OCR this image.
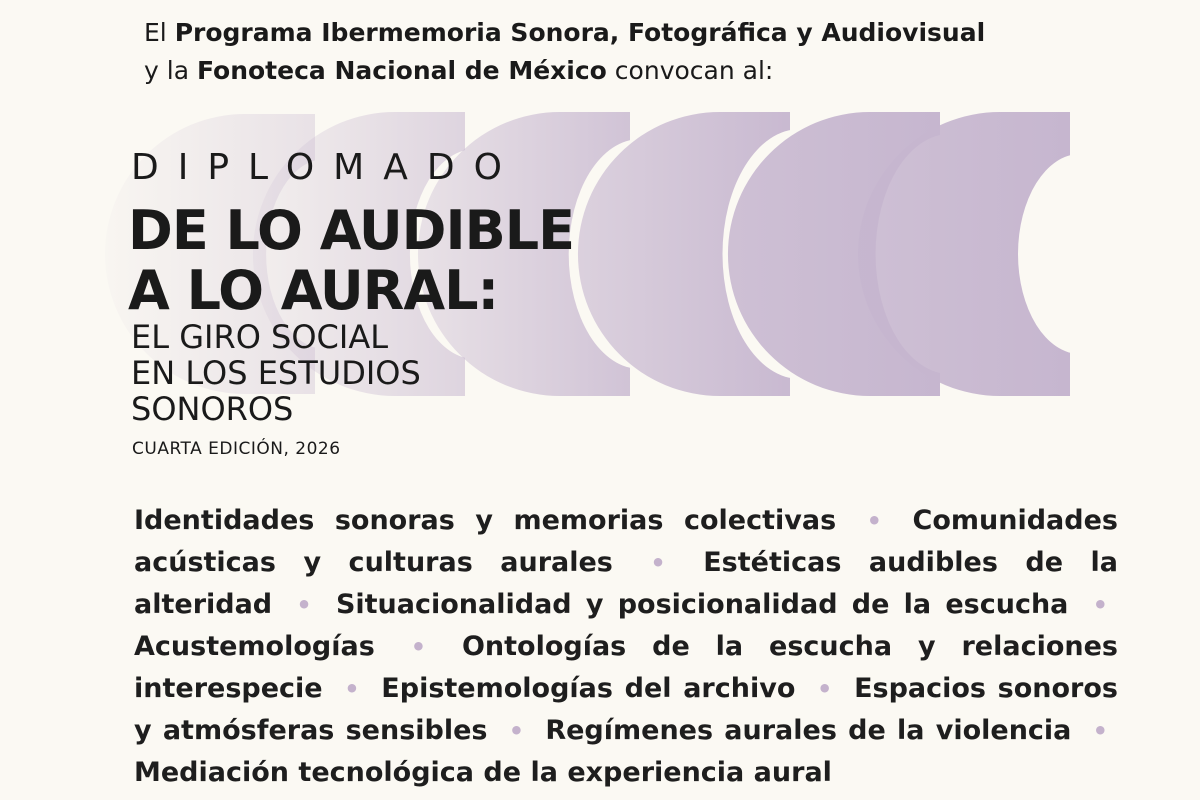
El Programa Ibermemoria Sonora, Fotográfica y Audiovisual
y la Fonoteca Nacional de México convocan al:
DIPLOMADO
DE LO AUDIBLE
A LO AURAL:
EL GIRO SOCIAL
EN LOS ESTUDIOS
SONOROS
CUARTA EDICIÓN, 2026
Identidades sonoras y memorias colectivas • Comunidades acústicas y culturas aurales • Estéticas audibles de la alteridad • Situacionalidad y posicionalidad de la escucha • Acustemologías • Ontologías de la escucha y relaciones interespecie • Epistemologías del archivo • Espacios sonoros y atmósferas sensibles • Regímenes aurales de la violencia • Mediación tecnológica de la experiencia aural
